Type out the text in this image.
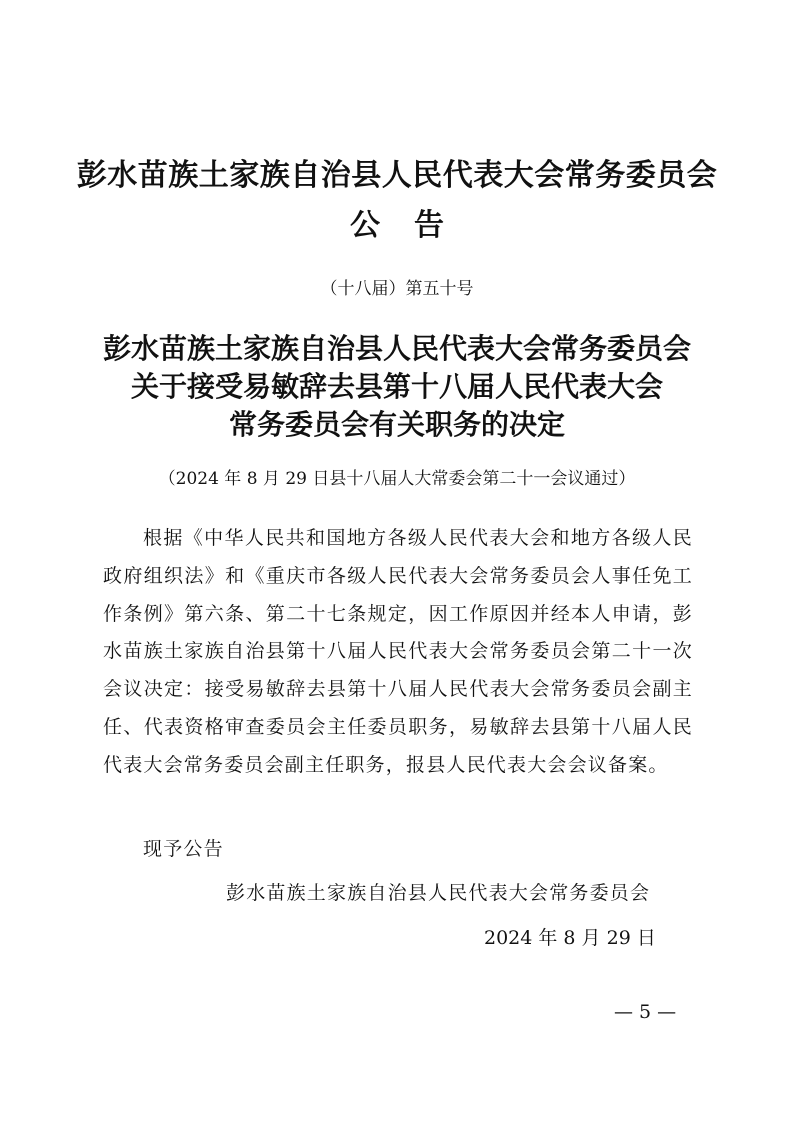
彭水苗族土家族自治县人民代表大会常务委员会
公告
（十八届）第五十号
彭水苗族土家族自治县人民代表大会常务委员会
关于接受易敏辞去县第十八届人民代表大会
常务委员会有关职务的决定
（2024 年 8 月 29 日县十八届人大常委会第二十一会议通过）
根据《中华人民共和国地方各级人民代表大会和地方各级人民政府组织法》和《重庆市各级人民代表大会常务委员会人事任免工作条例》第六条、第二十七条规定，因工作原因并经本人申请，彭水苗族土家族自治县第十八届人民代表大会常务委员会第二十一次会议决定：接受易敏辞去县第十八届人民代表大会常务委员会副主任、代表资格审查委员会主任委员职务，易敏辞去县第十八届人民代表大会常务委员会副主任职务，报县人民代表大会会议备案。
现予公告
彭水苗族土家族自治县人民代表大会常务委员会
2024 年 8 月 29 日
— 5 —
